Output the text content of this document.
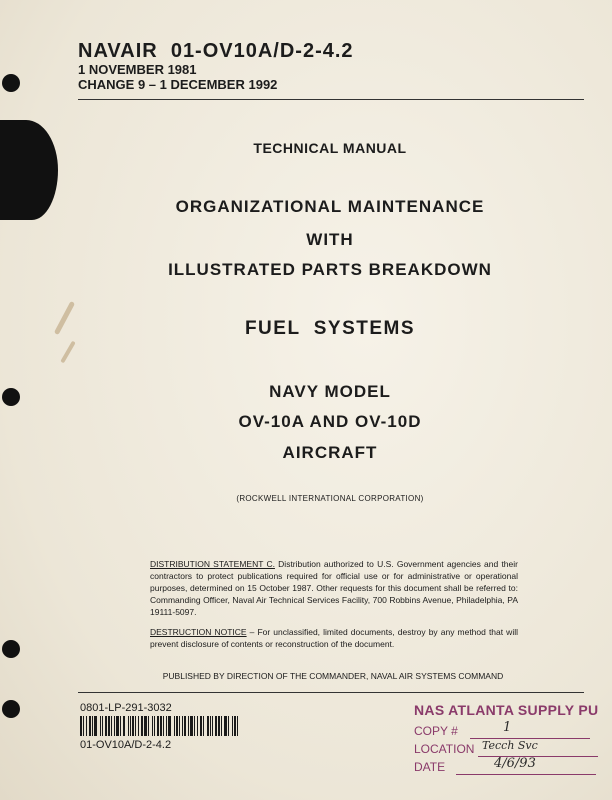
NAVAIR  01-OV10A/D-2-4.2
1 NOVEMBER 1981
CHANGE 9 – 1 DECEMBER 1992
TECHNICAL MANUAL
ORGANIZATIONAL MAINTENANCE
WITH
ILLUSTRATED PARTS BREAKDOWN
FUEL  SYSTEMS
NAVY MODEL
OV-10A AND OV-10D
AIRCRAFT
(ROCKWELL INTERNATIONAL CORPORATION)
DISTRIBUTION STATEMENT C. Distribution authorized to U.S. Government agencies and their contractors to protect publications required for official use or for administrative or operational purposes, determined on 15 October 1987. Other requests for this document shall be referred to: Commanding Officer, Naval Air Technical Services Facility, 700 Robbins Avenue, Philadelphia, PA 19111-5097.
DESTRUCTION NOTICE – For unclassified, limited documents, destroy by any method that will prevent disclosure of contents or reconstruction of the document.
PUBLISHED BY DIRECTION OF THE COMMANDER, NAVAL AIR SYSTEMS COMMAND
0801-LP-291-3032
01-OV10A/D-2-4.2
NAS ATLANTA SUPPLY PU
COPY #	1
LOCATION Tecch Svc
DATE	4/6/93
